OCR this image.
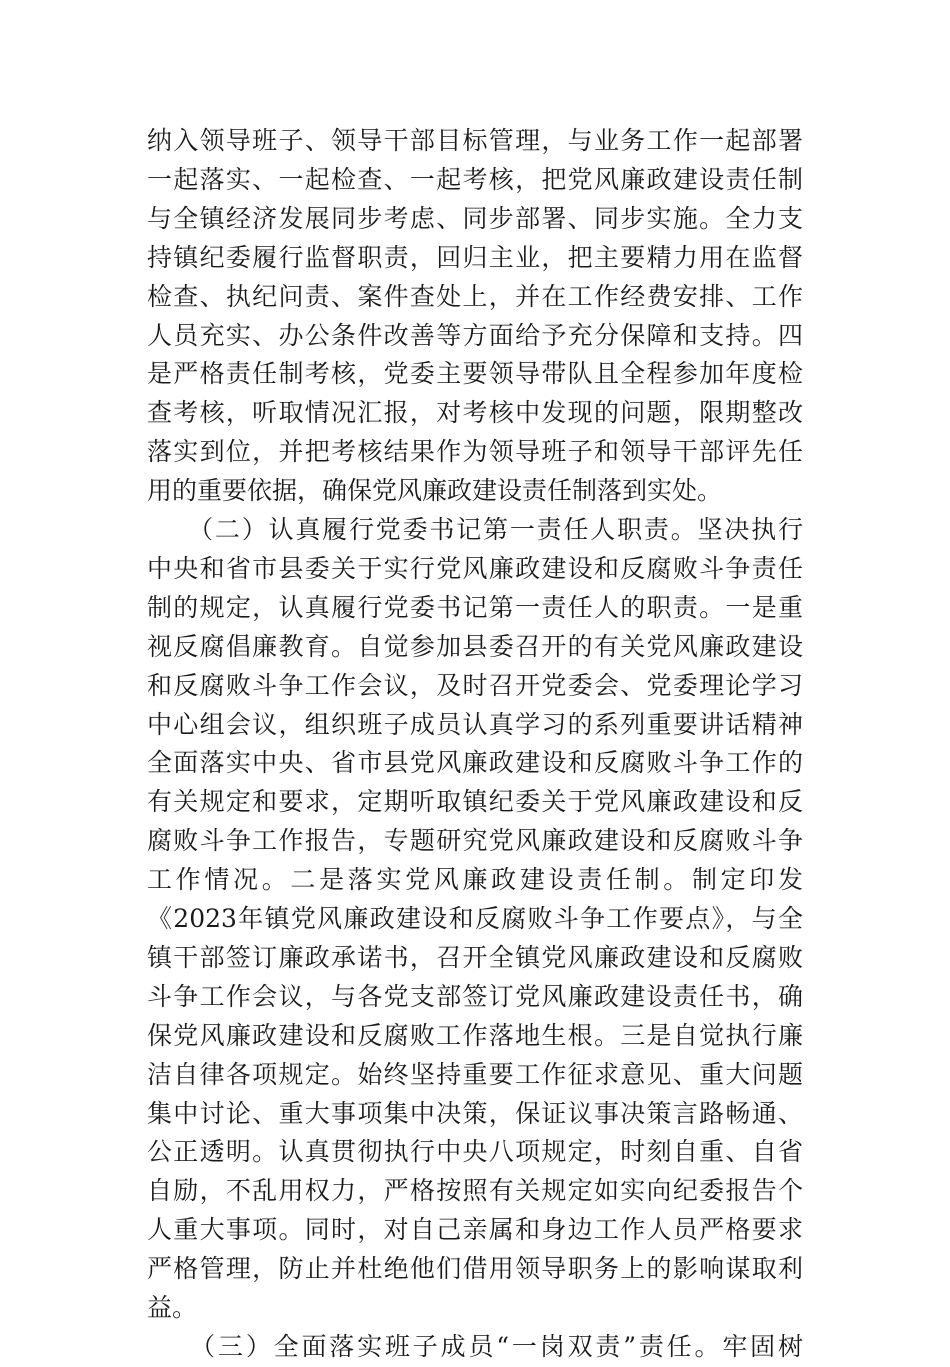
纳入领导班子、领导干部目标管理，与业务工作一起部署
一起落实、一起检查、一起考核，把党风廉政建设责任制
与全镇经济发展同步考虑、同步部署、同步实施。全力支
持镇纪委履行监督职责，回归主业，把主要精力用在监督
检查、执纪问责、案件查处上，并在工作经费安排、工作
人员充实、办公条件改善等方面给予充分保障和支持。四
是严格责任制考核，党委主要领导带队且全程参加年度检
查考核，听取情况汇报，对考核中发现的问题，限期整改
落实到位，并把考核结果作为领导班子和领导干部评先任
用的重要依据，确保党风廉政建设责任制落到实处。
　　（二）认真履行党委书记第一责任人职责。坚决执行
中央和省市县委关于实行党风廉政建设和反腐败斗争责任
制的规定，认真履行党委书记第一责任人的职责。一是重
视反腐倡廉教育。自觉参加县委召开的有关党风廉政建设
和反腐败斗争工作会议，及时召开党委会、党委理论学习
中心组会议，组织班子成员认真学习的系列重要讲话精神
全面落实中央、省市县党风廉政建设和反腐败斗争工作的
有关规定和要求，定期听取镇纪委关于党风廉政建设和反
腐败斗争工作报告，专题研究党风廉政建设和反腐败斗争
工作情况。二是落实党风廉政建设责任制。制定印发
《2023年镇党风廉政建设和反腐败斗争工作要点》，与全
镇干部签订廉政承诺书，召开全镇党风廉政建设和反腐败
斗争工作会议，与各党支部签订党风廉政建设责任书，确
保党风廉政建设和反腐败工作落地生根。三是自觉执行廉
洁自律各项规定。始终坚持重要工作征求意见、重大问题
集中讨论、重大事项集中决策，保证议事决策言路畅通、
公正透明。认真贯彻执行中央八项规定，时刻自重、自省
自励，不乱用权力，严格按照有关规定如实向纪委报告个
人重大事项。同时，对自己亲属和身边工作人员严格要求
严格管理，防止并杜绝他们借用领导职务上的影响谋取利
益。
　　（三）全面落实班子成员“一岗双责”责任。牢固树
